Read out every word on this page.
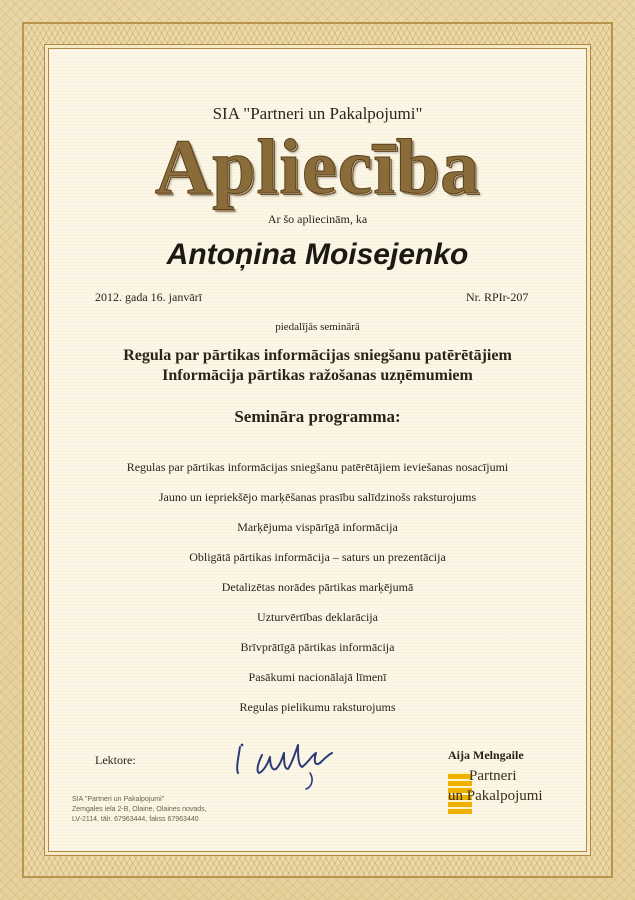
SIA "Partneri un Pakalpojumi"
Apliecība
Ar šo apliecinām, ka
Antoņina Moisejenko
2012. gada 16. janvārī	Nr. RPIr-207
piedalījās seminārā
Regula par pārtikas informācijas sniegšanu patērētājiem
Informācija pārtikas ražošanas uzņēmumiem
Semināra programma:
Regulas par pārtikas informācijas sniegšanu patērētājiem ieviešanas nosacījumi
Jauno un iepriekšējo marķēšanas prasību salīdzinošs raksturojums
Marķējuma vispārīgā informācija
Obligātā pārtikas informācija – saturs un prezentācija
Detalizētas norādes pārtikas marķējumā
Uzturvērtības deklarācija
Brīvprātīgā pārtikas informācija
Pasākumi nacionālajā līmenī
Regulas pielikumu raksturojums
Lektore:	Aija Melngaile
Partneri
un Pakalpojumi
SIA "Partneri un Pakalpojumi"
Zemgales iela 2-B, Olaine, Olaines novads,
LV-2114, tālr. 67963444, fakss 67963440
